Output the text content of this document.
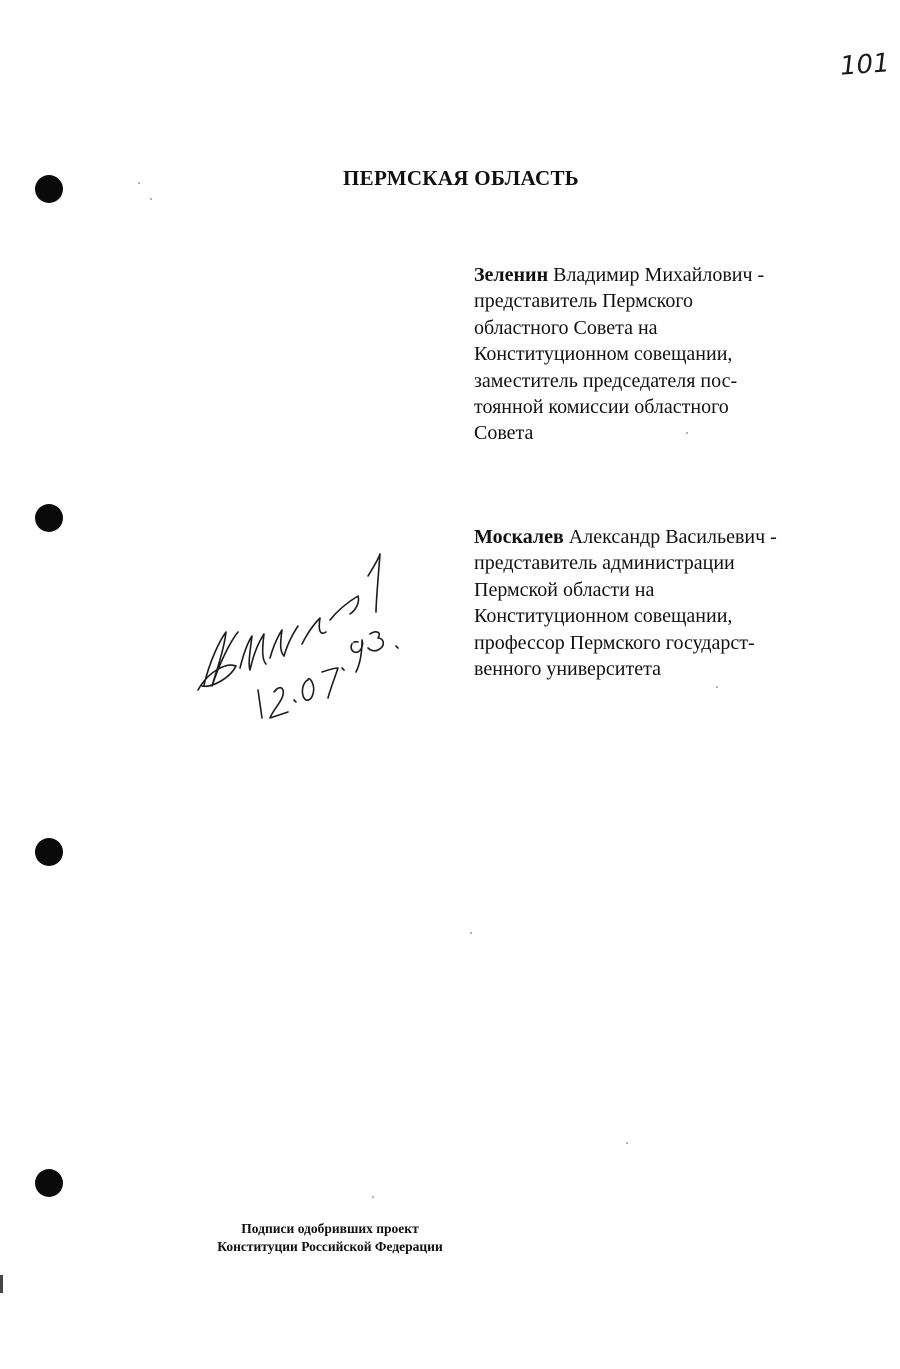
101
ПЕРМСКАЯ ОБЛАСТЬ
Зеленин Владимир Михайлович -
представитель Пермского
областного Совета на
Конституционном совещании,
заместитель председателя пос-
тоянной комиссии областного
Совета
Москалев Александр Васильевич -
представитель администрации
Пермской области на
Конституционном совещании,
профессор Пермского государст-
венного университета
Подписи одобривших проект
Конституции Российской Федерации
